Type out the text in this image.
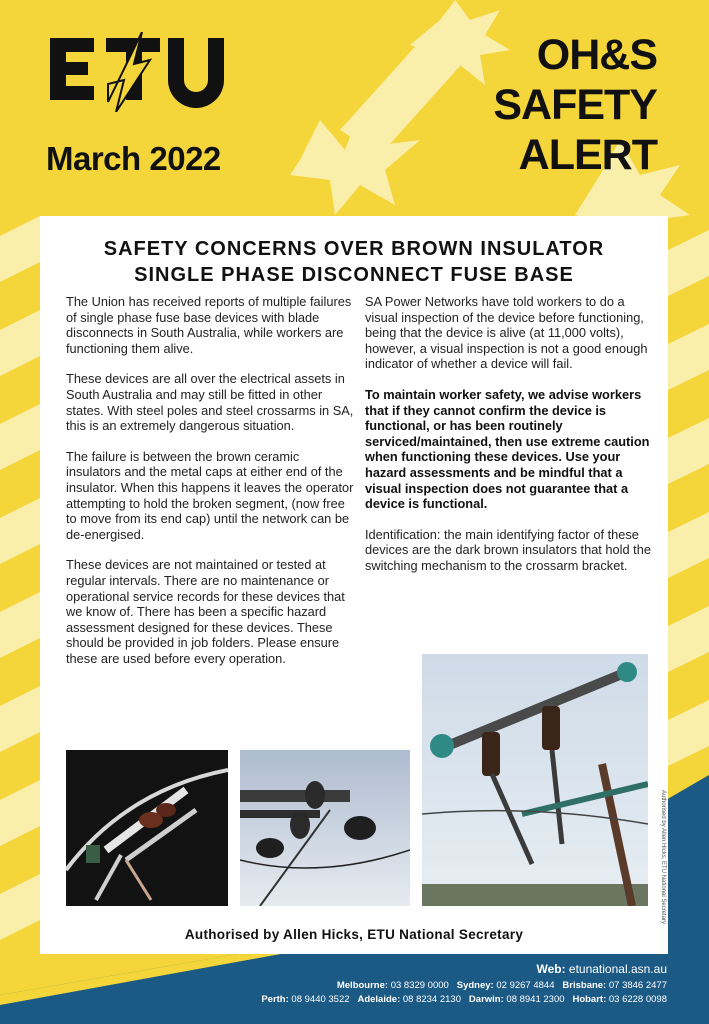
March 2022
OH&S
SAFETY
ALERT
SAFETY CONCERNS OVER BROWN INSULATOR
SINGLE PHASE DISCONNECT FUSE BASE

The Union has received reports of multiple failures of single phase fuse base devices with blade disconnects in South Australia, while workers are functioning them alive.

These devices are all over the electrical assets in South Australia and may still be fitted in other states. With steel poles and steel crossarms in SA, this is an extremely dangerous situation.

The failure is between the brown ceramic insulators and the metal caps at either end of the insulator. When this happens it leaves the operator attempting to hold the broken segment, (now free to move from its end cap) until the network can be de-energised.

These devices are not maintained or tested at regular intervals. There are no maintenance or operational service records for these devices that we know of. There has been a specific hazard assessment designed for these devices. These should be provided in job folders. Please ensure these are used before every operation.

SA Power Networks have told workers to do a visual inspection of the device before functioning, being that the device is alive (at 11,000 volts), however, a visual inspection is not a good enough indicator of whether a device will fail.

To maintain worker safety, we advise workers that if they cannot confirm the device is functional, or has been routinely serviced/maintained, then use extreme caution when functioning these devices. Use your hazard assessments and be mindful that a visual inspection does not guarantee that a device is functional.

Identification: the main identifying factor of these devices are the dark brown insulators that hold the switching mechanism to the crossarm bracket.

Authorised by Allen Hicks, ETU National Secretary
Authorised by Allen Hicks, ETU National Secretary
Web: etunational.asn.au
Melbourne: 03 8329 0000 Sydney: 02 9267 4844 Brisbane: 07 3846 2477
Perth: 08 9440 3522 Adelaide: 08 8234 2130 Darwin: 08 8941 2300 Hobart: 03 6228 0098
